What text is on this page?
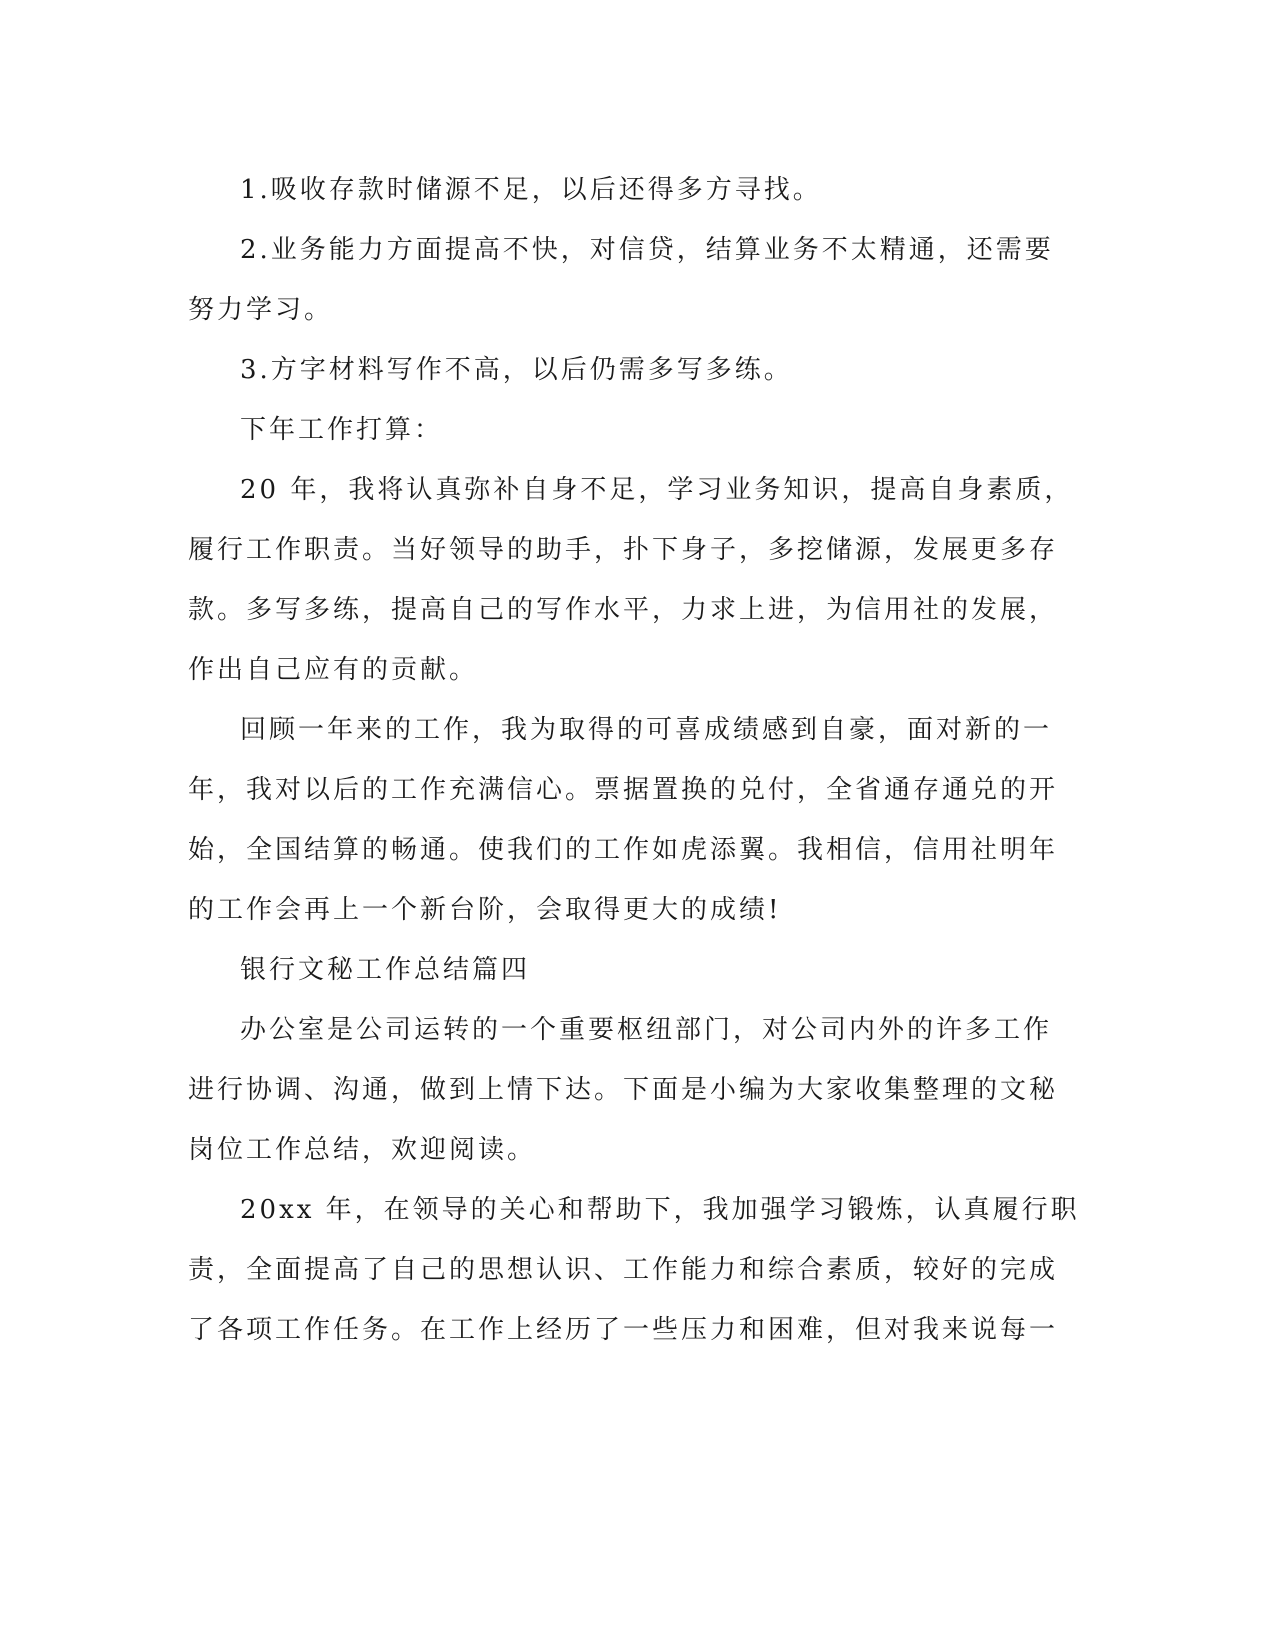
1.吸收存款时储源不足，以后还得多方寻找。
2.业务能力方面提高不快，对信贷，结算业务不太精通，还需要
努力学习。
3.方字材料写作不高，以后仍需多写多练。
下年工作打算：
20 年，我将认真弥补自身不足，学习业务知识，提高自身素质，
履行工作职责。当好领导的助手，扑下身子，多挖储源，发展更多存
款。多写多练，提高自己的写作水平，力求上进，为信用社的发展，
作出自己应有的贡献。
回顾一年来的工作，我为取得的可喜成绩感到自豪，面对新的一
年，我对以后的工作充满信心。票据置换的兑付，全省通存通兑的开
始，全国结算的畅通。使我们的工作如虎添翼。我相信，信用社明年
的工作会再上一个新台阶，会取得更大的成绩!
银行文秘工作总结篇四
办公室是公司运转的一个重要枢纽部门，对公司内外的许多工作
进行协调、沟通，做到上情下达。下面是小编为大家收集整理的文秘
岗位工作总结，欢迎阅读。
20xx 年，在领导的关心和帮助下，我加强学习锻炼，认真履行职
责，全面提高了自己的思想认识、工作能力和综合素质，较好的完成
了各项工作任务。在工作上经历了一些压力和困难，但对我来说每一
